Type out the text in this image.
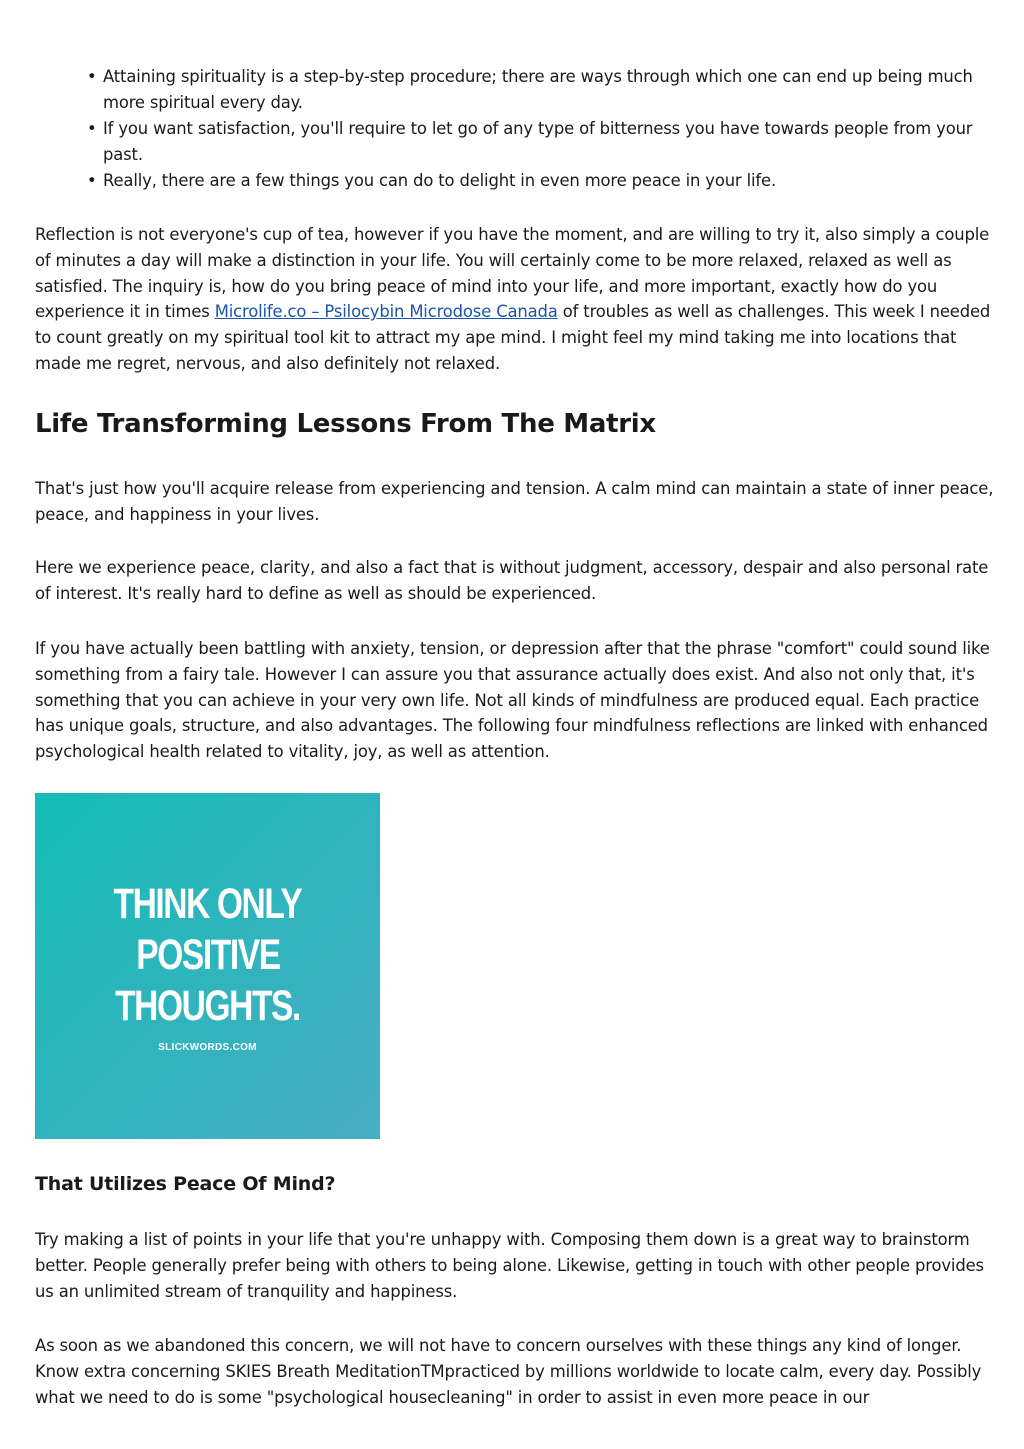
• Attaining spirituality is a step-by-step procedure; there are ways through which one can end up being much more spiritual every day.
• If you want satisfaction, you'll require to let go of any type of bitterness you have towards people from your past.
• Really, there are a few things you can do to delight in even more peace in your life.

Reflection is not everyone's cup of tea, however if you have the moment, and are willing to try it, also simply a couple of minutes a day will make a distinction in your life. You will certainly come to be more relaxed, relaxed as well as satisfied. The inquiry is, how do you bring peace of mind into your life, and more important, exactly how do you experience it in times Microlife.co – Psilocybin Microdose Canada of troubles as well as challenges. This week I needed to count greatly on my spiritual tool kit to attract my ape mind. I might feel my mind taking me into locations that made me regret, nervous, and also definitely not relaxed.

Life Transforming Lessons From The Matrix

That's just how you'll acquire release from experiencing and tension. A calm mind can maintain a state of inner peace, peace, and happiness in your lives.

Here we experience peace, clarity, and also a fact that is without judgment, accessory, despair and also personal rate of interest. It's really hard to define as well as should be experienced.

If you have actually been battling with anxiety, tension, or depression after that the phrase "comfort" could sound like something from a fairy tale. However I can assure you that assurance actually does exist. And also not only that, it's something that you can achieve in your very own life. Not all kinds of mindfulness are produced equal. Each practice has unique goals, structure, and also advantages. The following four mindfulness reflections are linked with enhanced psychological health related to vitality, joy, as well as attention.

THINK ONLY
POSITIVE
THOUGHTS.
SLICKWORDS.COM
That Utilizes Peace Of Mind?

Try making a list of points in your life that you're unhappy with. Composing them down is a great way to brainstorm better. People generally prefer being with others to being alone. Likewise, getting in touch with other people provides us an unlimited stream of tranquility and happiness.

As soon as we abandoned this concern, we will not have to concern ourselves with these things any kind of longer. Know extra concerning SKIES Breath MeditationTMpracticed by millions worldwide to locate calm, every day. Possibly what we need to do is some "psychological housecleaning" in order to assist in even more peace in our
